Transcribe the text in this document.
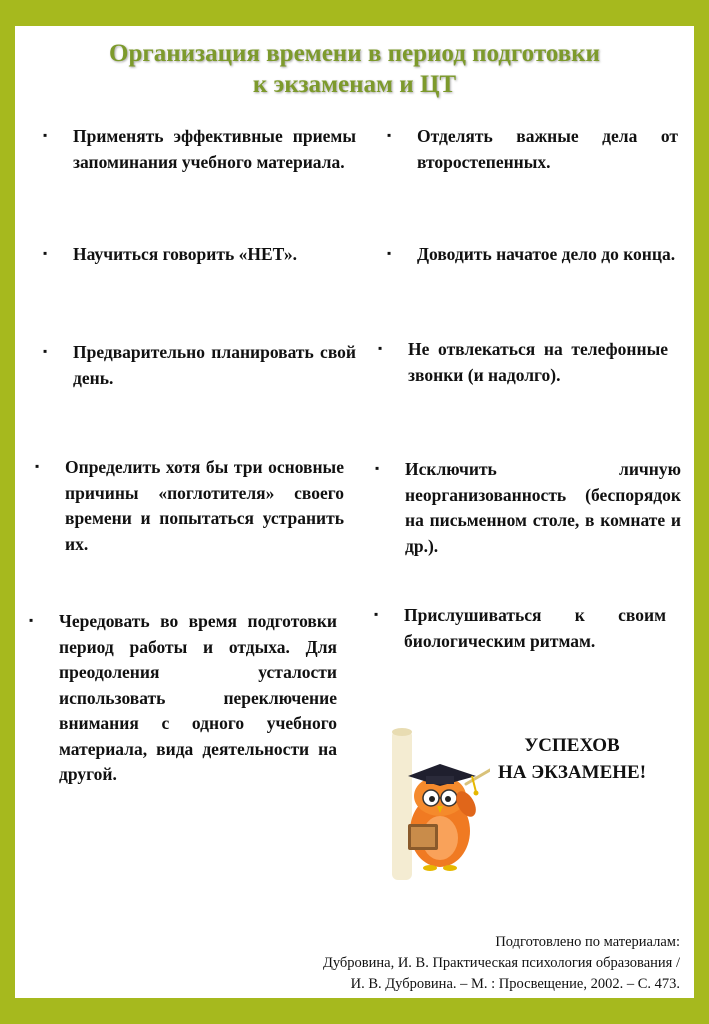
Организация времени в период подготовки
к экзаменам и ЦТ
▪ Применять эффективные приемы запоминания учебного материала.
▪ Научиться говорить «НЕТ».
▪ Предварительно планировать свой день.
▪ Определить хотя бы три основные причины «поглотителя» своего времени и попытаться устранить их.
▪ Чередовать во время подготовки период работы и отдыха. Для преодоления усталости использовать переключение внимания с одного учебного материала, вида деятельности на другой.
▪ Отделять важные дела от второстепенных.
▪ Доводить начатое дело до конца.
▪ Не отвлекаться на телефонные звонки (и надолго).
▪ Исключить личную неорганизованность (беспорядок на письменном столе, в комнате и др.).
▪ Прислушиваться к своим биологическим ритмам.
УСПЕХОВ
НА ЭКЗАМЕНЕ!
Подготовлено по материалам:
Дубровина, И. В. Практическая психология образования /
И. В. Дубровина. – М. : Просвещение, 2002. – С. 473.
